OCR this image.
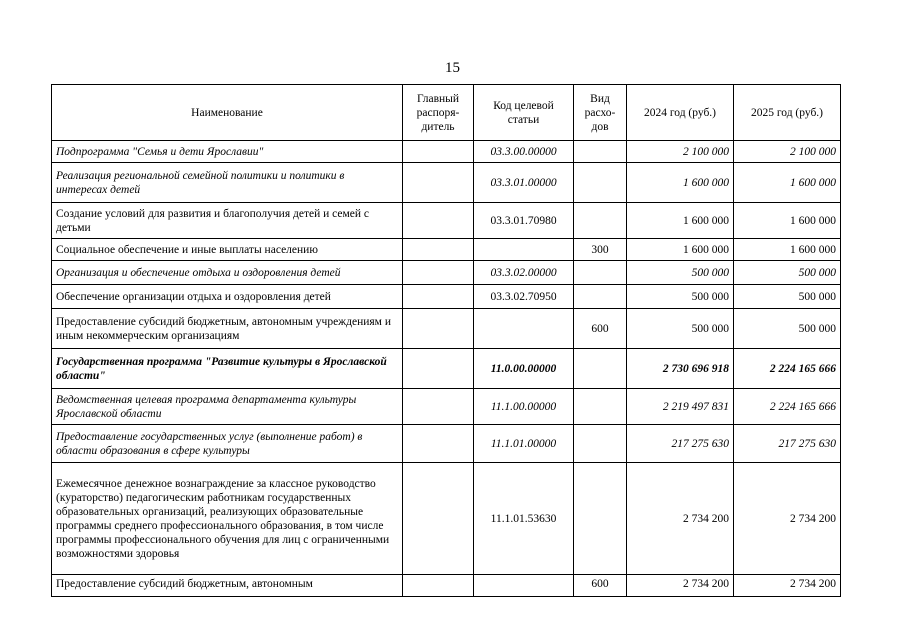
15
Наименование	Главный распоря-дитель	Код целевой статьи	Вид расхо-дов	2024 год (руб.)	2025 год (руб.)
Подпрограмма "Семья и дети Ярославии"		03.3.00.00000		2 100 000	2 100 000
Реализация региональной семейной политики и политики в интересах детей		03.3.01.00000		1 600 000	1 600 000
Создание условий для развития и благополучия детей и семей с детьми		03.3.01.70980		1 600 000	1 600 000
Социальное обеспечение и иные выплаты населению			300	1 600 000	1 600 000
Организация и обеспечение отдыха и оздоровления детей		03.3.02.00000		500 000	500 000
Обеспечение организации отдыха и оздоровления детей		03.3.02.70950		500 000	500 000
Предоставление субсидий бюджетным, автономным учреждениям и иным некоммерческим организациям			600	500 000	500 000
Государственная программа "Развитие культуры в Ярославской области"		11.0.00.00000		2 730 696 918	2 224 165 666
Ведомственная целевая программа департамента культуры Ярославской области		11.1.00.00000		2 219 497 831	2 224 165 666
Предоставление государственных услуг (выполнение работ) в области образования в сфере культуры		11.1.01.00000		217 275 630	217 275 630
Ежемесячное денежное вознаграждение за классное руководство (кураторство) педагогическим работникам государственных образовательных организаций, реализующих образовательные программы среднего профессионального образования, в том числе программы профессионального обучения для лиц с ограниченными возможностями здоровья		11.1.01.53630		2 734 200	2 734 200
Предоставление субсидий бюджетным, автономным			600	2 734 200	2 734 200
